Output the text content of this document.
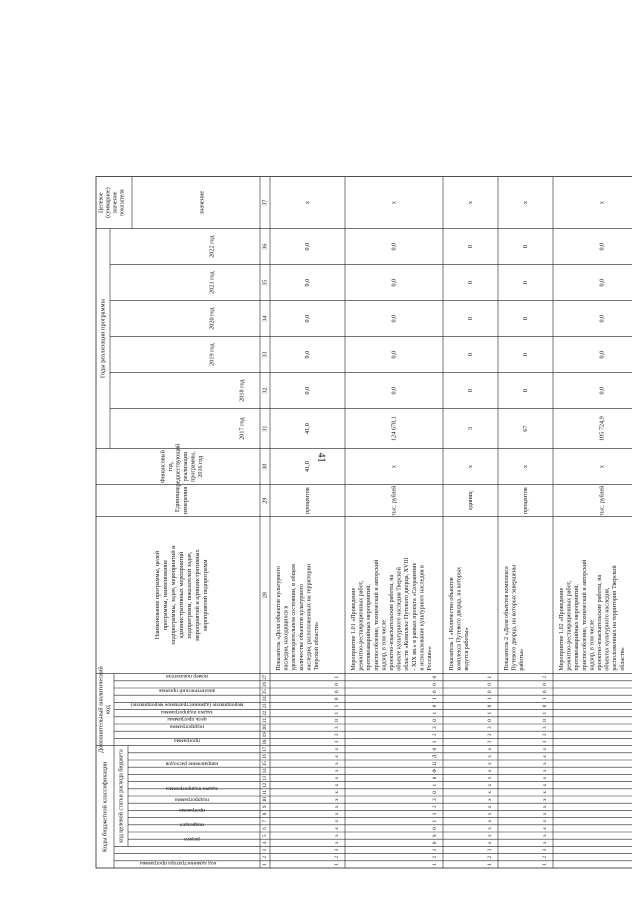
41
Коды бюджетной классификации код целевой статьи расхода бюджета
Дополнительный аналитическийкод
Годы реализации программы
Целевое(суммарное)значениепоказателя
код администратора программы
раздел
подраздел
программа
подпрограмма
задача подпрограммы
направление расходов
программа
подпрограмма
цель программы
задача подпрограммы
мероприятие (административное мероприятие)
аналитический признак
номер показателя
Наименование программы, целейпрограммы, наименованиеподпрограммы, задач, мероприятий иадминистративных мероприятийподпрограмм, показателей задач,мероприятий и административныхмероприятий подпрограмм
Единицаизмерения
Финансовый год, предшествующий реализации программы, 2016 год
2017 год
2018 год
2019 год
2020 год
2021 год
2022 год
значение
1
2
3
4
5
6
7
8
9
10
11
12
13
14
15
16
17
18
19
20
21
22
23
24
25
26
27
28
29
30
31
32
33
34
35
36
37
1
2
3
x
x
x
x
x
x
x
x
x
x
x
x
x
x
3
3
3
0
1
1
0
0
0
1
Показатель «Доля объектов культурного наследия, находящихся в удовлетворительном состоянии, в общем количестве объектов культурного наследия, расположенных на территории Тверской области»
процентов
41,0
41,0
0,0
0,0
0,0
0,0
0,0
x
1
2
3
0
8
0
1
3
3
3
0
1
8
Ф
Ц
Д
0
3
3
3
0
1
0
1
0
0
0
Мероприятие 1.01 «Проведение ремонтно-реставрационных работ, противоаварийных мероприятий, приспособление, технический и авторский надзор, в том числе проектно-изыскательские работы, на объекте культурного наследия Тверской области «Комплекс Путевого дворца, XVIII - XIX вв.» в рамках проекта «Сохранение и использование культурного наследия в России»»
тыс. рублей
x
124 678,1
0,0
0,0
0,0
0,0
0,0
x
1
2
3
x
x
x
x
x
x
x
x
x
x
x
x
x
x
3
3
3
0
1
0
1
0
0
1
Показатель 1 «Количество объектов комплекса Путевого дворца, на которых ведутся работы»
единиц
x
3
0
0
0
0
0
x
1
2
3
x
x
x
x
x
x
x
x
x
x
x
x
x
x
3
3
3
0
1
0
1
0
0
2
Показатель 2 «Доля объектов комплекса Путевого дворца, на которых завершены работы»
процентов
x
67
0
0
0
0
0
x
Мероприятие 1.02 «Проведение ремонтно-реставрационных работ, противоаварийных мероприятий, приспособление, технический и авторский надзор, в том числе проектно-изыскательские работы, на объектах культурного наследия, расположенных на территории Тверской области»
тыс. рублей
x
105 724,9
0,0
0,0
0,0
0,0
0,0
x
